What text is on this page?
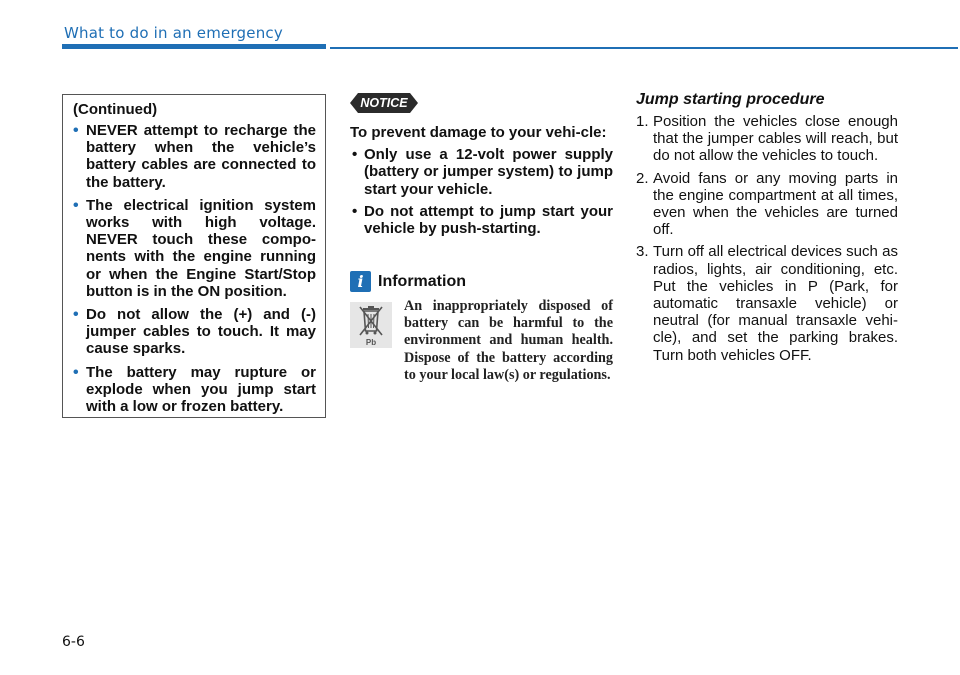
What to do in an emergency
(Continued)
• NEVER attempt to recharge the battery when the vehicle’s battery cables are connected to the battery.
• The electrical ignition system works with high voltage. NEVER touch these compo-nents with the engine running or when the Engine Start/Stop button is in the ON position.
• Do not allow the (+) and (-) jumper cables to touch. It may cause sparks.
• The battery may rupture or explode when you jump start with a low or frozen battery.
NOTICE

To prevent damage to your vehi-cle:

• Only use a 12-volt power supply (battery or jumper system) to jump start your vehicle.
• Do not attempt to jump start your vehicle by push-starting.
i Information
Pb

An inappropriately disposed of battery can be harmful to the environment and human health. Dispose of the battery according to your local law(s) or regulations.

Jump starting procedure
1. Position the vehicles close enough that the jumper cables will reach, but do not allow the vehicles to touch.
2. Avoid fans or any moving parts in the engine compartment at all times, even when the vehicles are turned off.
3. Turn off all electrical devices such as radios, lights, air conditioning, etc. Put the vehicles in P (Park, for automatic transaxle vehicle) or neutral (for manual transaxle vehi-cle), and set the parking brakes. Turn both vehicles OFF.
6-6
